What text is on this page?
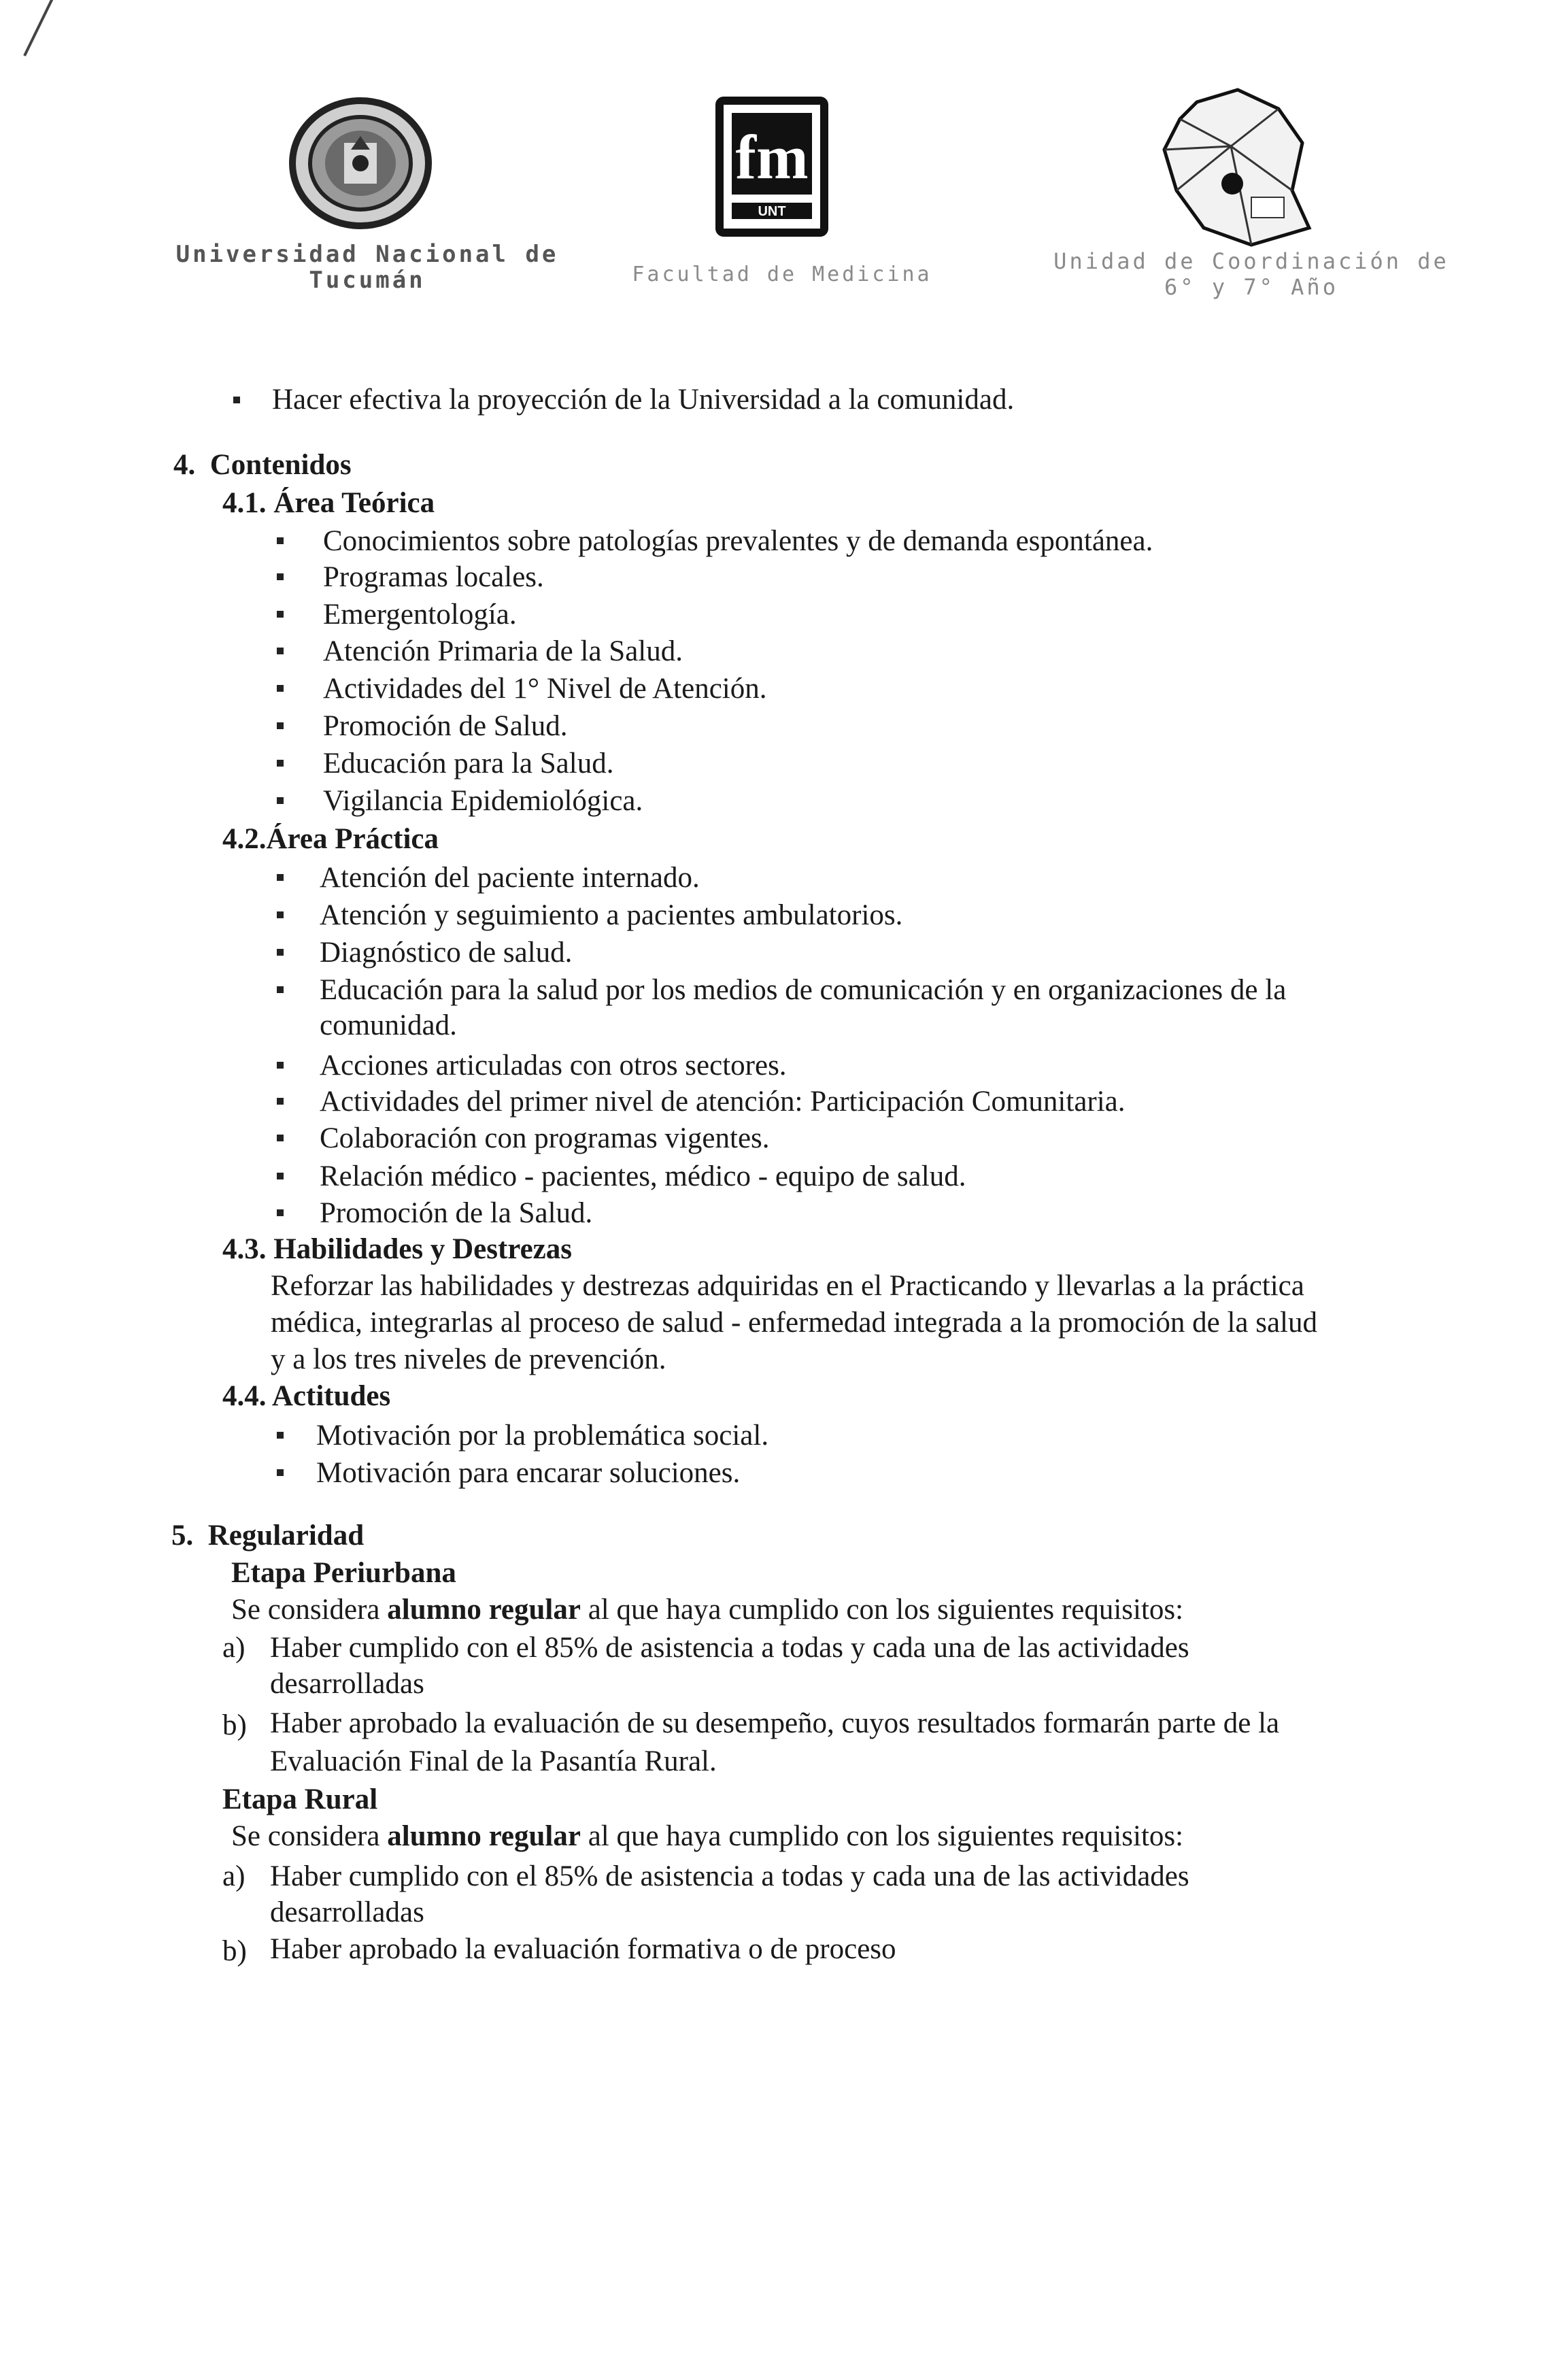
Universidad Nacional de Tucumán
fm
UNT
Facultad de Medicina
Unidad de Coordinación de
6° y 7° Año
Hacer efectiva la proyección de la Universidad a la comunidad.
4.  Contenidos
4.1. Área Teórica
Conocimientos sobre patologías prevalentes y de demanda espontánea.
Programas locales.
Emergentología.
Atención Primaria de la Salud.
Actividades del 1° Nivel de Atención.
Promoción de Salud.
Educación para la Salud.
Vigilancia Epidemiológica.
4.2.Área Práctica
Atención del paciente internado.
Atención y seguimiento a pacientes ambulatorios.
Diagnóstico de salud.
Educación para la salud por los medios de comunicación y en organizaciones de la
comunidad.
Acciones articuladas con otros sectores.
Actividades del primer nivel de atención: Participación Comunitaria.
Colaboración con programas vigentes.
Relación médico - pacientes, médico - equipo de salud.
Promoción de la Salud.
4.3. Habilidades y Destrezas
Reforzar las habilidades y destrezas adquiridas en el Practicando y llevarlas a la práctica
médica, integrarlas al proceso de salud - enfermedad integrada a la promoción de la salud
y a los tres niveles de prevención.
4.4. Actitudes
Motivación por la problemática social.
Motivación para encarar soluciones.
5.  Regularidad
Etapa Periurbana
Se considera alumno regular al que haya cumplido con los siguientes requisitos:
a) Haber cumplido con el 85% de asistencia a todas y cada una de las actividades
desarrolladas
b) Haber aprobado la evaluación de su desempeño, cuyos resultados formarán parte de la
Evaluación Final de la Pasantía Rural.
Etapa Rural
Se considera alumno regular al que haya cumplido con los siguientes requisitos:
a) Haber cumplido con el 85% de asistencia a todas y cada una de las actividades
desarrolladas
b) Haber aprobado la evaluación formativa o de proceso
